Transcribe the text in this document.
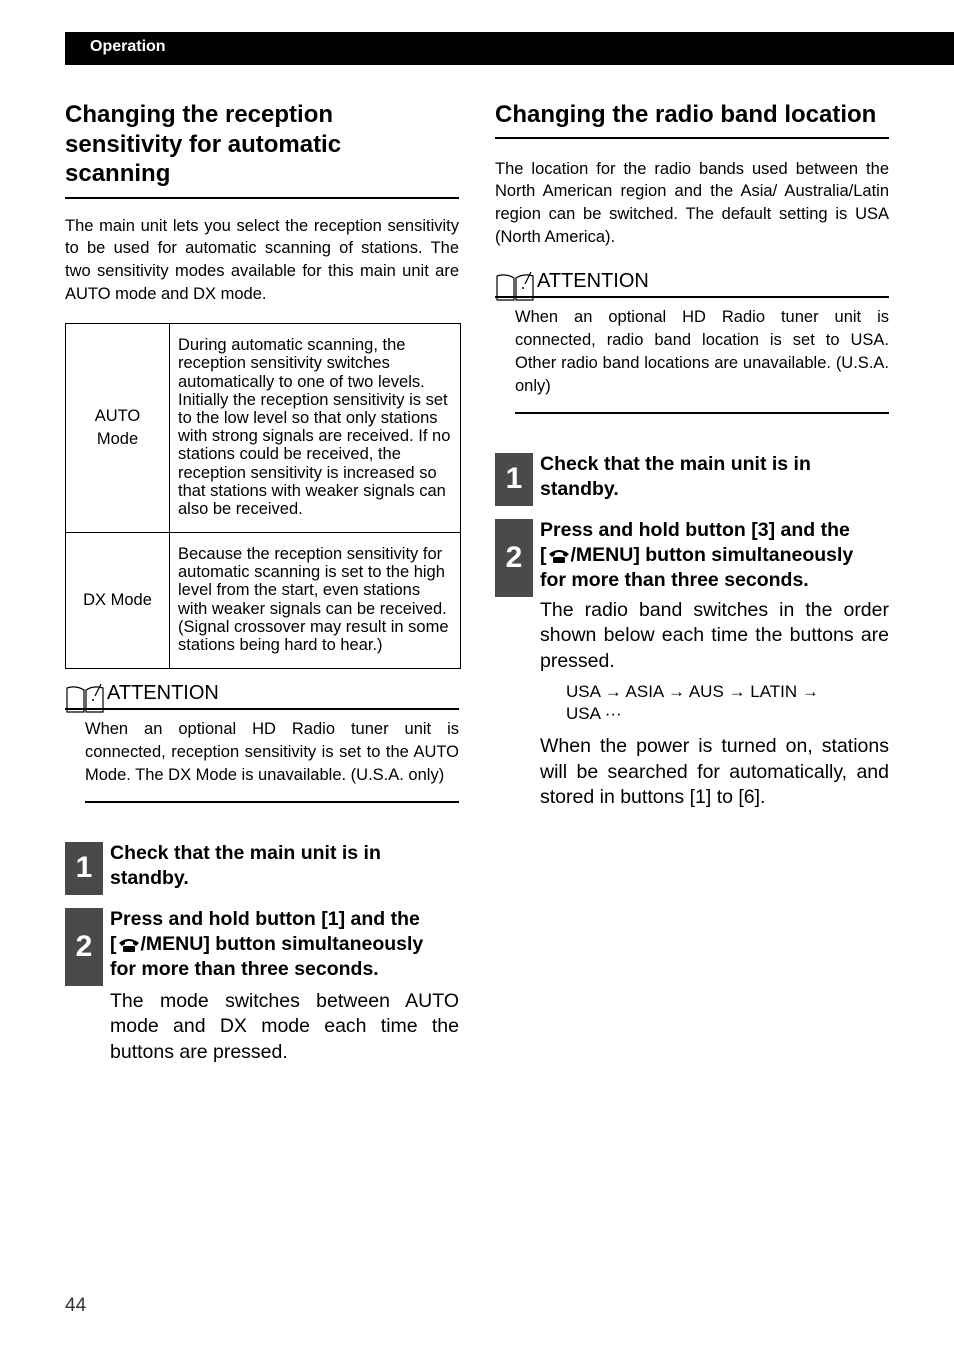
Operation
Changing the reception
sensitivity for automatic
scanning

The main unit lets you select the reception sensitivity to be used for automatic scanning of stations. The two sensitivity modes available for this main unit are AUTO mode and DX mode.

AUTO
Mode	During automatic scanning, the reception sensitivity switches automatically to one of two levels. Initially the reception sensitivity is set to the low level so that only stations with strong signals are received. If no stations could be received, the reception sensitivity is increased so that stations with weaker signals can also be received.
DX Mode	Because the reception sensitivity for automatic scanning is set to the high level from the start, even stations with weaker signals can be received. (Signal crossover may result in some stations being hard to hear.)
ATTENTION

When an optional HD Radio tuner unit is connected, reception sensitivity is set to the AUTO Mode. The DX Mode is unavailable. (U.S.A. only)

1 Check that the main unit is in
standby.
2
Press and hold button [1] and the
[ /MENU] button simultaneously
for more than three seconds.

The mode switches between AUTO mode and DX mode each time the buttons are pressed.

Changing the radio band location

The location for the radio bands used between the North American region and the Asia/ Australia/Latin region can be switched. The default setting is USA (North America).

ATTENTION

When an optional HD Radio tuner unit is connected, radio band location is set to USA. Other radio band locations are unavailable. (U.S.A. only)

1 Check that the main unit is in
standby.
2
Press and hold button [3] and the
[ /MENU] button simultaneously
for more than three seconds.

The radio band switches in the order shown below each time the buttons are pressed.

USA → ASIA → AUS → LATIN →
USA ···

When the power is turned on, stations will be searched for automatically, and stored in buttons [1] to [6].

44
